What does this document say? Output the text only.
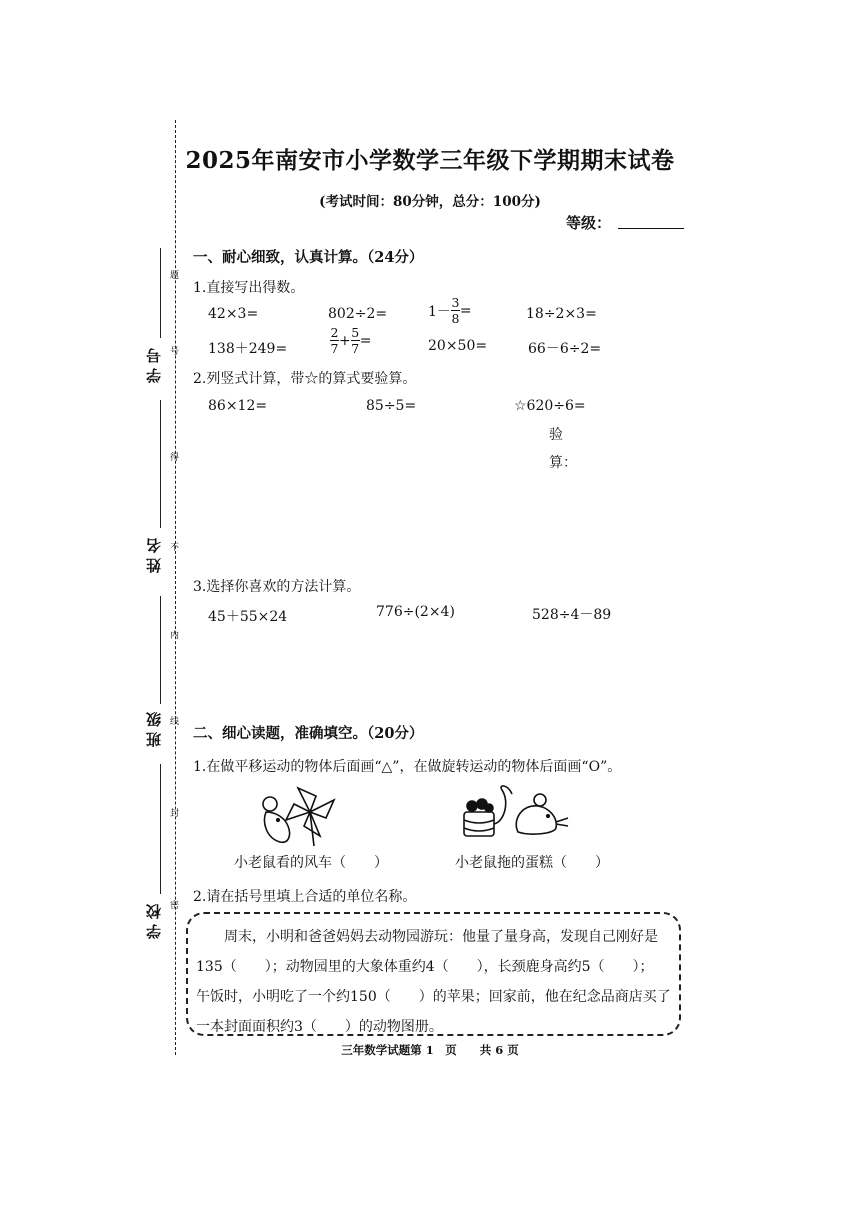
题
号
得
不
内
线
封
密
学 号
姓 名
班 级
学 校
2025年南安市小学数学三年级下学期期末试卷
(考试时间：80分钟，总分：100分)
等级：
一、耐心细致，认真计算。（24分）
1.直接写出得数。
42×3=	802÷2=	$1- \frac{3}{8}$ =	18÷2×3=
138＋249=	$\frac{2}{7} + \frac{5}{7}$ =	20×50=	66－6÷2=
2.列竖式计算，带☆的算式要验算。
86×12=	85÷5=	☆620÷6=
验
算：
3.选择你喜欢的方法计算。
45＋55×24	776÷(2×4)	528÷4－89
二、细心读题，准确填空。（20分）
1.在做平移运动的物体后面画“△”，在做旋转运动的物体后面画“O”。
小老鼠看的风车（　　）	小老鼠拖的蛋糕（　　）
2.请在括号里填上合适的单位名称。
　　周末，小明和爸爸妈妈去动物园游玩：他量了量身高，发现自己刚好是
135（　　）；动物园里的大象体重约4（　　），长颈鹿身高约5（　　）；
午饭时，小明吃了一个约150（　　）的苹果；回家前，他在纪念品商店买了
一本封面面积约3（　　）的动物图册。
三年数学试题第 1　页　　共 6 页
